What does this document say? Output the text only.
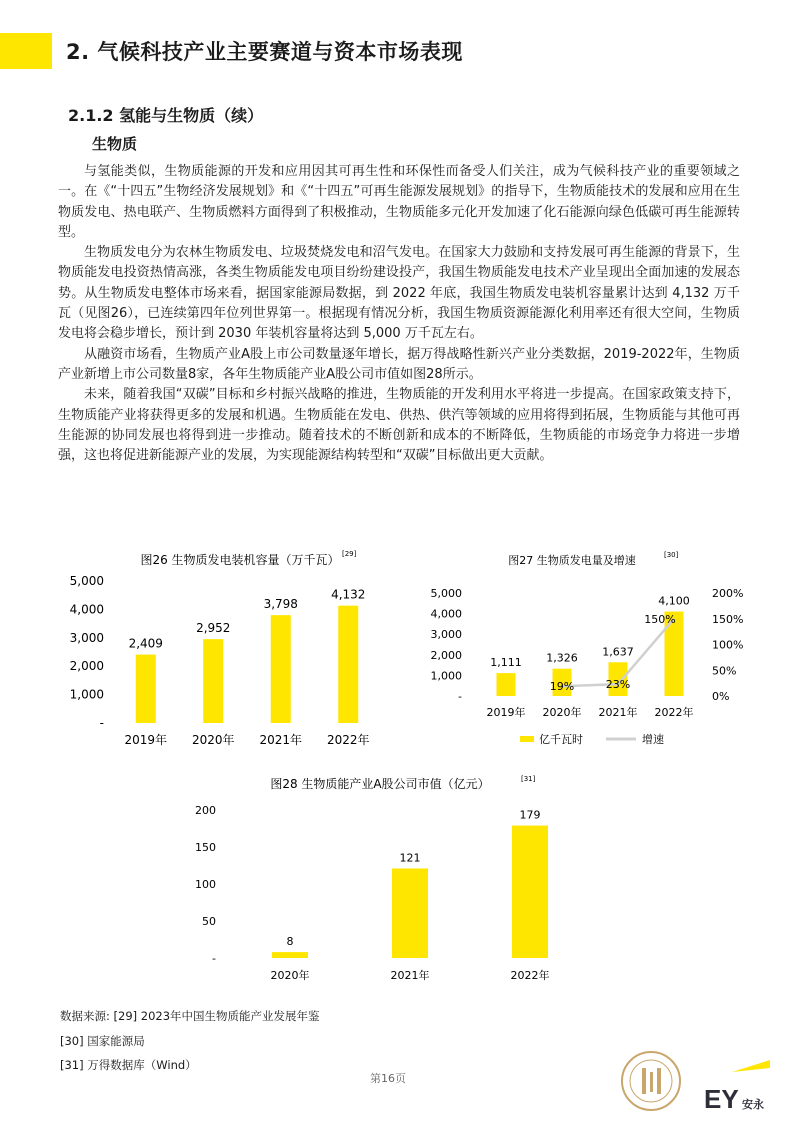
2. 气候科技产业主要赛道与资本市场表现
2.1.2 氢能与生物质（续）
生物质

与氢能类似，生物质能源的开发和应用因其可再生性和环保性而备受人们关注，成为气候科技产业的重要领域之一。在《“十四五”生物经济发展规划》和《“十四五”可再生能源发展规划》的指导下，生物质能技术的发展和应用在生物质发电、热电联产、生物质燃料方面得到了积极推动，生物质能多元化开发加速了化石能源向绿色低碳可再生能源转型。

生物质发电分为农林生物质发电、垃圾焚烧发电和沼气发电。在国家大力鼓励和支持发展可再生能源的背景下，生物质能发电投资热情高涨，各类生物质能发电项目纷纷建设投产，我国生物质能发电技术产业呈现出全面加速的发展态势。从生物质发电整体市场来看，据国家能源局数据，到 2022 年底，我国生物质发电装机容量累计达到 4,132 万千瓦（见图26），已连续第四年位列世界第一。根据现有情况分析，我国生物质资源能源化利用率还有很大空间，生物质发电将会稳步增长，预计到 2030 年装机容量将达到 5,000 万千瓦左右。

从融资市场看，生物质产业A股上市公司数量逐年增长，据万得战略性新兴产业分类数据，2019-2022年，生物质产业新增上市公司数量8家，各年生物质能产业A股公司市值如图28所示。

未来，随着我国“双碳”目标和乡村振兴战略的推进，生物质能的开发利用水平将进一步提高。在国家政策支持下，生物质能产业将获得更多的发展和机遇。生物质能在发电、供热、供汽等领域的应用将得到拓展，生物质能与其他可再生能源的协同发展也将得到进一步推动。随着技术的不断创新和成本的不断降低，生物质能的市场竞争力将进一步增强，这也将促进新能源产业的发展，为实现能源结构转型和“双碳”目标做出更大贡献。

图26 生物质发电装机容量（万千瓦） [29]
-
1,000
2,000
3,000
4,000
5,000
2,409
2,952
3,798
4,132
2019年 2020年 2021年 2022年
图27 生物质发电量及增速	[30]
-
1,000
2,000
3,000
4,000
5,000
0%
50%
100%
150%
200%
1,111 1,326 1,637
4,100
19%	23%
150%
2019年 2020年 2021年 2022年
亿千瓦时	增速
图28 生物质能产业A股公司市值（亿元）	[31]
-
50
100
150
200
8
121
179
2020年	2021年	2022年
数据来源: [29] 2023年中国生物质能产业发展年鉴
[30] 国家能源局
[31] 万得数据库（Wind）
第16页
EY 安永
